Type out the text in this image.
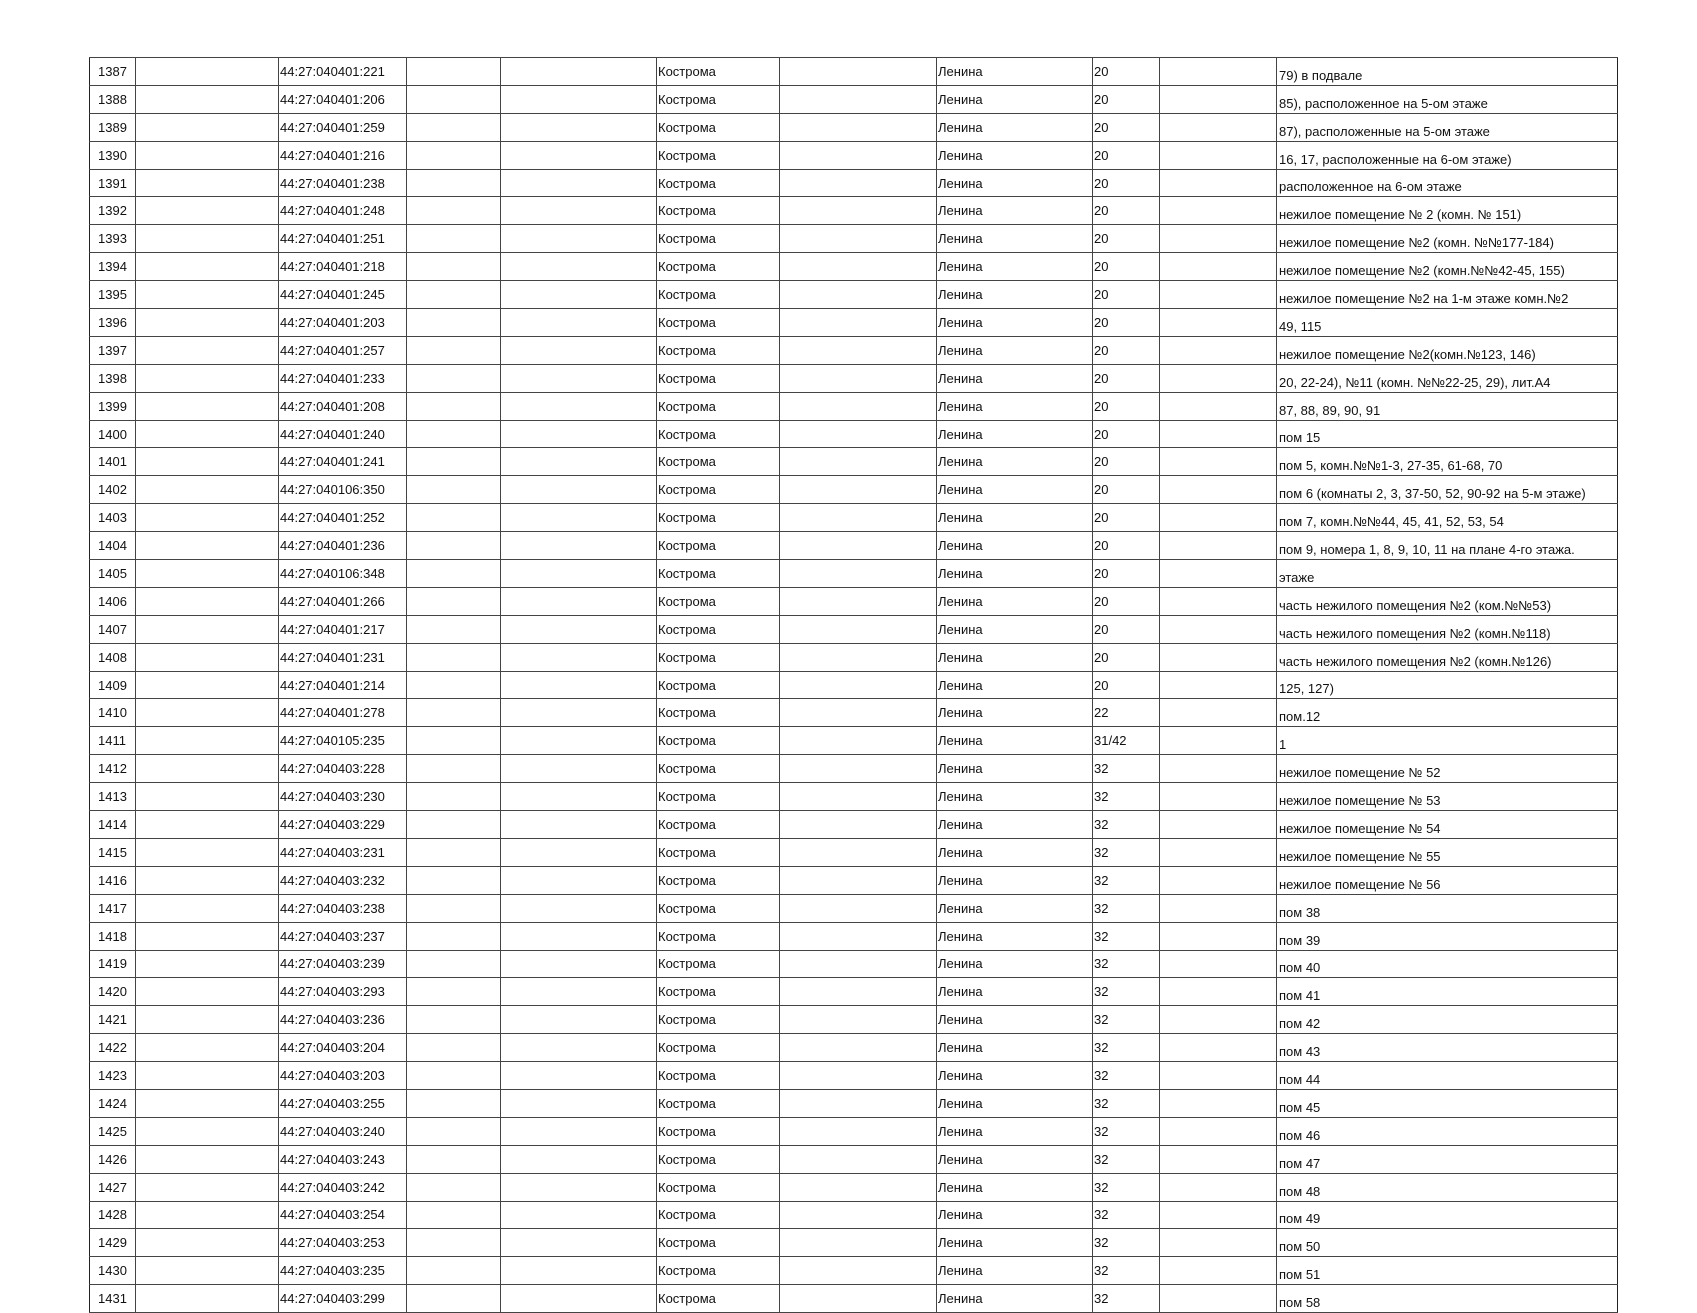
1387		44:27:040401:221			Кострома		Ленина	20			79) в подвале
1388		44:27:040401:206			Кострома		Ленина	20			85), расположенное на 5-ом этаже
1389		44:27:040401:259			Кострома		Ленина	20			87), расположенные на 5-ом этаже
1390		44:27:040401:216			Кострома		Ленина	20			16, 17, расположенные на 6-ом этаже)
1391		44:27:040401:238			Кострома		Ленина	20			расположенное на 6-ом этаже
1392		44:27:040401:248			Кострома		Ленина	20			нежилое помещение № 2 (комн. № 151)
1393		44:27:040401:251			Кострома		Ленина	20			нежилое помещение №2 (комн. №№177-184)
1394		44:27:040401:218			Кострома		Ленина	20			нежилое помещение №2 (комн.№№42-45, 155)
1395		44:27:040401:245			Кострома		Ленина	20			нежилое помещение №2 на 1-м этаже комн.№2
1396		44:27:040401:203			Кострома		Ленина	20			49, 115
1397		44:27:040401:257			Кострома		Ленина	20			нежилое помещение №2(комн.№123, 146)
1398		44:27:040401:233			Кострома		Ленина	20			20, 22-24), №11 (комн. №№22-25, 29), лит.А4
1399		44:27:040401:208			Кострома		Ленина	20			87, 88, 89, 90, 91
1400		44:27:040401:240			Кострома		Ленина	20			пом 15
1401		44:27:040401:241			Кострома		Ленина	20			пом 5, комн.№№1-3, 27-35, 61-68, 70
1402		44:27:040106:350			Кострома		Ленина	20			пом 6 (комнаты 2, 3, 37-50, 52, 90-92 на 5-м этаже)
1403		44:27:040401:252			Кострома		Ленина	20			пом 7, комн.№№44, 45, 41, 52, 53, 54
1404		44:27:040401:236			Кострома		Ленина	20			пом 9, номера 1, 8, 9, 10, 11 на плане 4-го этажа.
1405		44:27:040106:348			Кострома		Ленина	20			этаже
1406		44:27:040401:266			Кострома		Ленина	20			часть нежилого помещения №2 (ком.№№53)
1407		44:27:040401:217			Кострома		Ленина	20			часть нежилого помещения №2 (комн.№118)
1408		44:27:040401:231			Кострома		Ленина	20			часть нежилого помещения №2 (комн.№126)
1409		44:27:040401:214			Кострома		Ленина	20			125, 127)
1410		44:27:040401:278			Кострома		Ленина	22			пом.12
1411		44:27:040105:235			Кострома		Ленина	31/42			1
1412		44:27:040403:228			Кострома		Ленина	32			нежилое помещение № 52
1413		44:27:040403:230			Кострома		Ленина	32			нежилое помещение № 53
1414		44:27:040403:229			Кострома		Ленина	32			нежилое помещение № 54
1415		44:27:040403:231			Кострома		Ленина	32			нежилое помещение № 55
1416		44:27:040403:232			Кострома		Ленина	32			нежилое помещение № 56
1417		44:27:040403:238			Кострома		Ленина	32			пом 38
1418		44:27:040403:237			Кострома		Ленина	32			пом 39
1419		44:27:040403:239			Кострома		Ленина	32			пом 40
1420		44:27:040403:293			Кострома		Ленина	32			пом 41
1421		44:27:040403:236			Кострома		Ленина	32			пом 42
1422		44:27:040403:204			Кострома		Ленина	32			пом 43
1423		44:27:040403:203			Кострома		Ленина	32			пом 44
1424		44:27:040403:255			Кострома		Ленина	32			пом 45
1425		44:27:040403:240			Кострома		Ленина	32			пом 46
1426		44:27:040403:243			Кострома		Ленина	32			пом 47
1427		44:27:040403:242			Кострома		Ленина	32			пом 48
1428		44:27:040403:254			Кострома		Ленина	32			пом 49
1429		44:27:040403:253			Кострома		Ленина	32			пом 50
1430		44:27:040403:235			Кострома		Ленина	32			пом 51
1431		44:27:040403:299			Кострома		Ленина	32			пом 58
